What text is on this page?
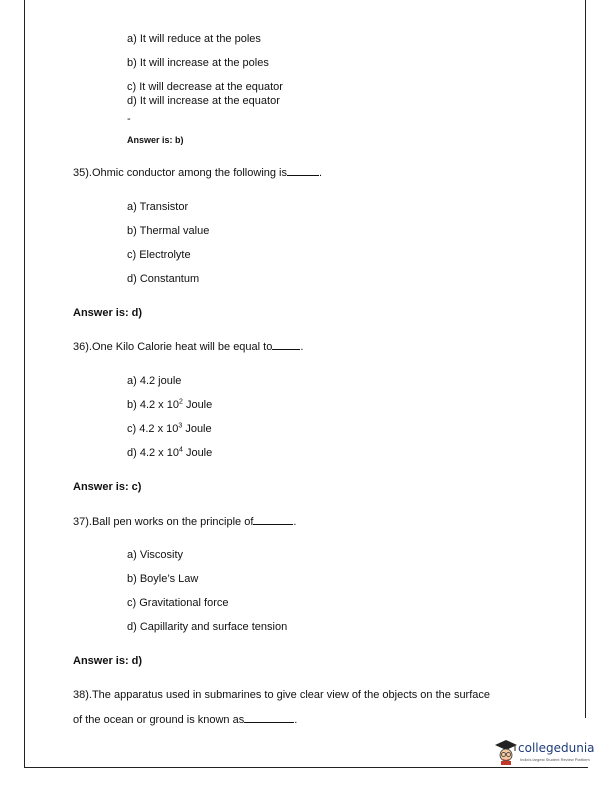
a) It will reduce at the poles
b) It will increase at the poles
c) It will decrease at the equator
d) It will increase at the equator
-
Answer is: b)
35).Ohmic conductor among the following is	.
a) Transistor
b) Thermal value
c) Electrolyte
d) Constantum
Answer is: d)
36).One Kilo Calorie heat will be equal to	.
a) 4.2 joule
b) 4.2 x $10^2$ Joule
c) 4.2 x $10^3$ Joule
d) 4.2 x $10^4$ Joule
Answer is: c)
37).Ball pen works on the principle of	.
a) Viscosity
b) Boyle’s Law
c) Gravitational force
d) Capillarity and surface tension
Answer is: d)
38).The apparatus used in submarines to give clear view of the objects on the surface
of the ocean or ground is known as	.
collegedunia
India's largest Student Review Platform
